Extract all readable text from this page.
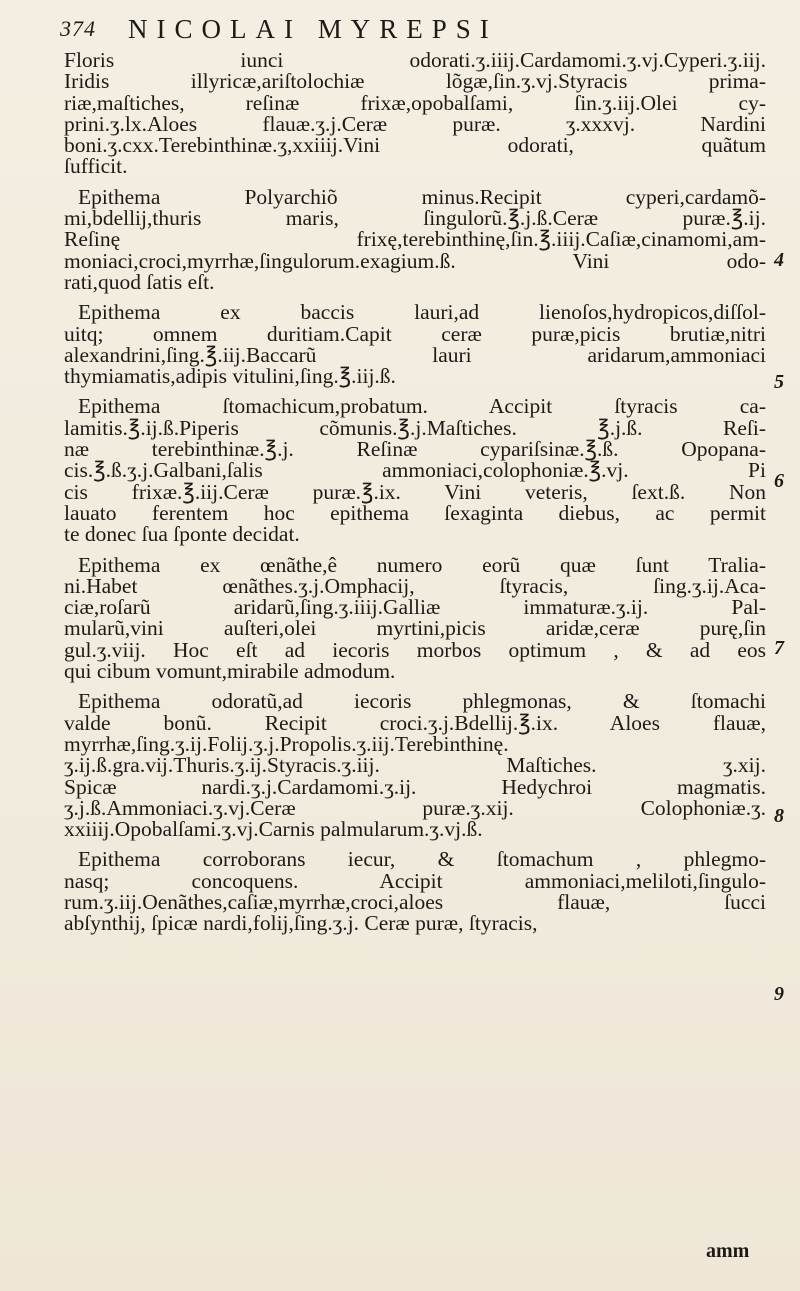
374 NICOLAI MYREPSI
Floris iunci odorati.ʒ.iiij.Cardamomi.ʒ.vj.Cyperi.ʒ.iij.
Iridis illyricæ,ariſtolochiæ lõgæ,ſin.ʒ.vj.Styracis prima-
riæ,maſtiches, reſinæ frixæ,opobalſami, ſin.ʒ.iij.Olei cy-
prini.ʒ.lx.Aloes flauæ.ʒ.j.Ceræ puræ. ʒ.xxxvj. Nardini
boni.ʒ.cxx.Terebinthinæ.ʒ,xxiiij.Vini odorati, quãtum
ſufficit.
Epithema Polyarchiõ minus.Recipit cyperi,cardamõ-
mi,bdellij,thuris maris, ſingulorũ.℥.j.ß.Ceræ puræ.℥.ij.
Reſinę frixę,terebinthinę,ſin.℥.iiij.Caſiæ,cinamomi,am-
moniaci,croci,myrrhæ,ſingulorum.exagium.ß. Vini odo-
rati,quod ſatis eſt.
Epithema ex baccis lauri,ad lienoſos,hydropicos,diſſol-
uitq; omnem duritiam.Capit ceræ puræ,picis brutiæ,nitri
alexandrini,ſing.℥.iij.Baccarũ lauri aridarum,ammoniaci
thymiamatis,adipis vitulini,ſing.℥.iij.ß.
Epithema ſtomachicum,probatum. Accipit ſtyracis ca-
lamitis.℥.ij.ß.Piperis cõmunis.℥.j.Maſtiches. ℥.j.ß. Reſi-
næ terebinthinæ.℥.j. Reſinæ cypariſsinæ.℥.ß. Opopana-
cis.℥.ß.ʒ.j.Galbani,ſalis ammoniaci,colophoniæ.℥.vj. Pi
cis frixæ.℥.iij.Ceræ puræ.℥.ix. Vini veteris, ſext.ß. Non
lauato ferentem hoc epithema ſexaginta diebus, ac permit
te donec ſua ſponte decidat.
Epithema ex œnãthe,ê numero eorũ quæ ſunt Tralia-
ni.Habet œnãthes.ʒ.j.Omphacij, ſtyracis, ſing.ʒ.ij.Aca-
ciæ,roſarũ aridarũ,ſing.ʒ.iiij.Galliæ immaturæ.ʒ.ij. Pal-
mularũ,vini auſteri,olei myrtini,picis aridæ,ceræ purę,ſin
gul.ʒ.viij. Hoc eſt ad iecoris morbos optimum , & ad eos
qui cibum vomunt,mirabile admodum.
Epithema odoratũ,ad iecoris phlegmonas, & ſtomachi
valde bonũ. Recipit croci.ʒ.j.Bdellij.℥.ix. Aloes flauæ,
myrrhæ,ſing.ʒ.ij.Folij.ʒ.j.Propolis.ʒ.iij.Terebinthinę.
ʒ.ij.ß.gra.vij.Thuris.ʒ.ij.Styracis.ʒ.iij. Maſtiches. ʒ.xij.
Spicæ nardi.ʒ.j.Cardamomi.ʒ.ij. Hedychroi magmatis.
ʒ.j.ß.Ammoniaci.ʒ.vj.Ceræ puræ.ʒ.xij. Colophoniæ.ʒ.
xxiiij.Opobalſami.ʒ.vj.Carnis palmularum.ʒ.vj.ß.
Epithema corroborans iecur, & ſtomachum , phlegmo-
nasq; concoquens. Accipit ammoniaci,meliloti,ſingulo-
rum.ʒ.iij.Oenãthes,caſiæ,myrrhæ,croci,aloes flauæ, ſucci
abſynthij, ſpicæ nardi,folij,ſing.ʒ.j. Ceræ puræ, ſtyracis,
4
5
6
7
8
9
amm
